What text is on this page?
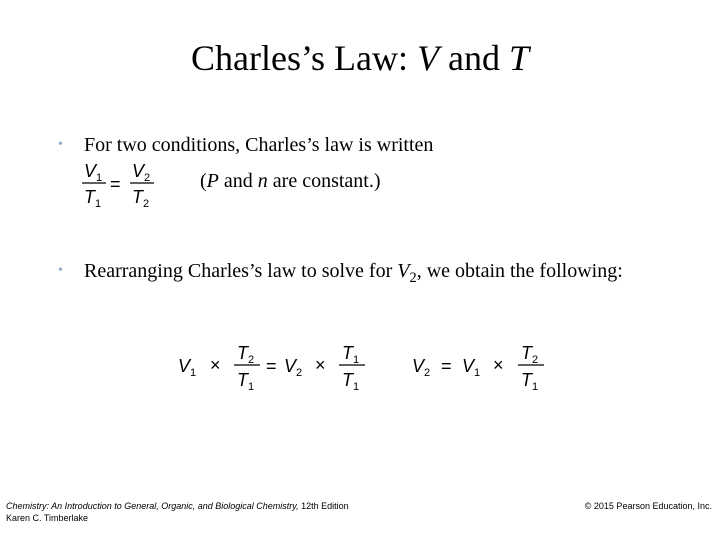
Charles’s Law: V and T
• For two conditions, Charles’s law is written
$V_1$
$T_1$
=
$V_2$
$T_2$
(P and n are constant.)
• Rearranging Charles’s law to solve for $V_2$, we obtain the following:
$V_1$ ×
$T_2$
$T_1$
= $V_2$ ×
$T_1$
$T_1$
$V_2 = V_1$ ×
$T_2$
$T_1$
Chemistry: An Introduction to General, Organic, and Biological Chemistry, 12th Edition
Karen C. Timberlake
© 2015 Pearson Education, Inc.
